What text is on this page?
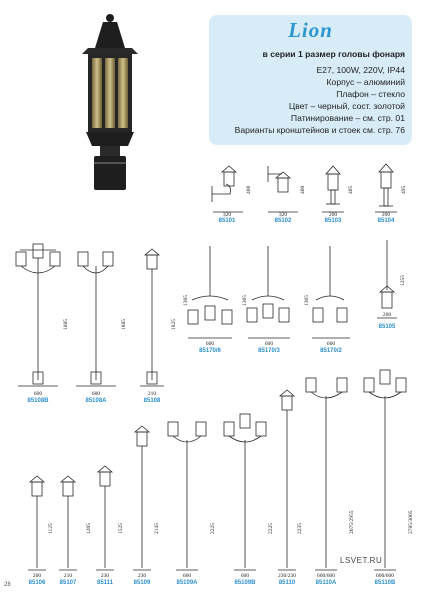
Lion
в серии 1 размер головы фонаря
E27, 100W, 220V, IP44
Корпус – алюминий
Плафон – стекло
Цвет – черный, сост. золотой
Патинирование – см. стр. 01
Варианты кронштейнов и стоек см. стр. 76
85101	85102	85103	85104
85108B	85108A	85108
85170/6	85170/3	85170/2
85105
85106 85107	85111	85109	85109A	85109B	85110	85110A	85110B
320	320	200	200
600	600	210
600	600	600
200
200	210	230	230	600	600	230/230	600/600	600/600
400	400	405	495
1885	1885	1825
1365	1365	1365
1255
1125	1205	1525	2145	2225	2225	2235	2675/2955	2785/3065
LSVET.RU
28
